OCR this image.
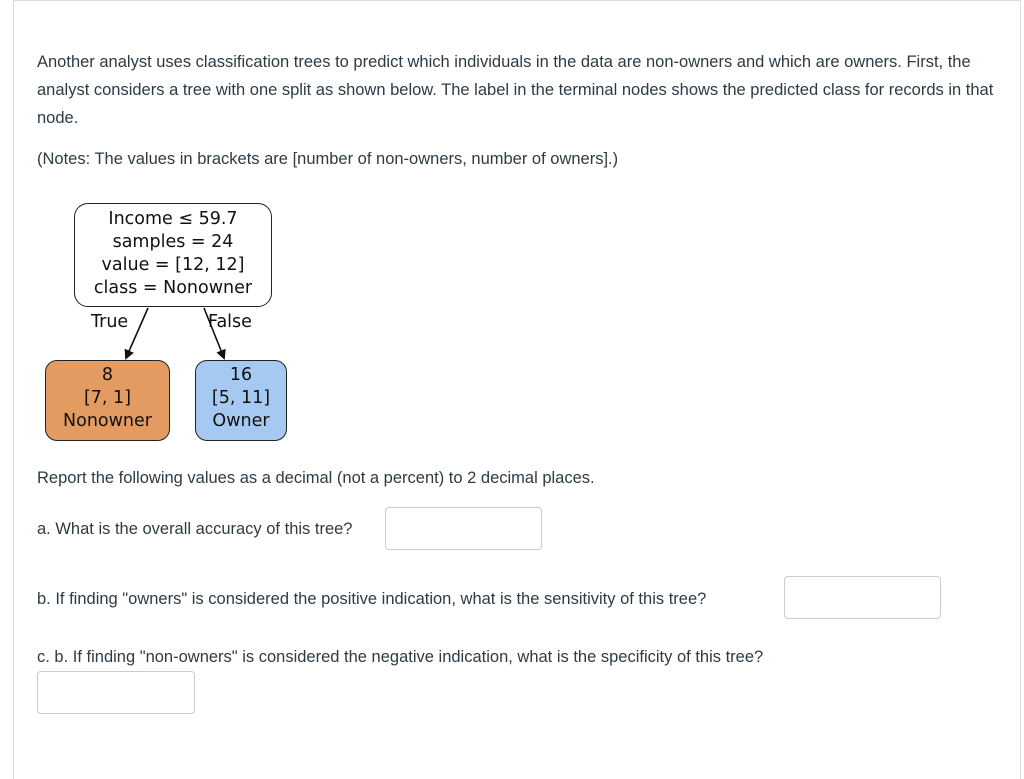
Another analyst uses classification trees to predict which individuals in the data are non-owners and which are owners. First, the analyst considers a tree with one split as shown below. The label in the terminal nodes shows the predicted class for records in that node.

(Notes: The values in brackets are [number of non-owners, number of owners].)

Income ≤ 59.7
samples = 24
value = [12, 12]
class = Nonowner
True	False
8
[7, 1]
Nonowner
16
[5, 11]
Owner

Report the following values as a decimal (not a percent) to 2 decimal places.

a. What is the overall accuracy of this tree?
b. If finding "owners" is considered the positive indication, what is the sensitivity of this tree?
c. b. If finding "non-owners" is considered the negative indication, what is the specificity of this tree?
